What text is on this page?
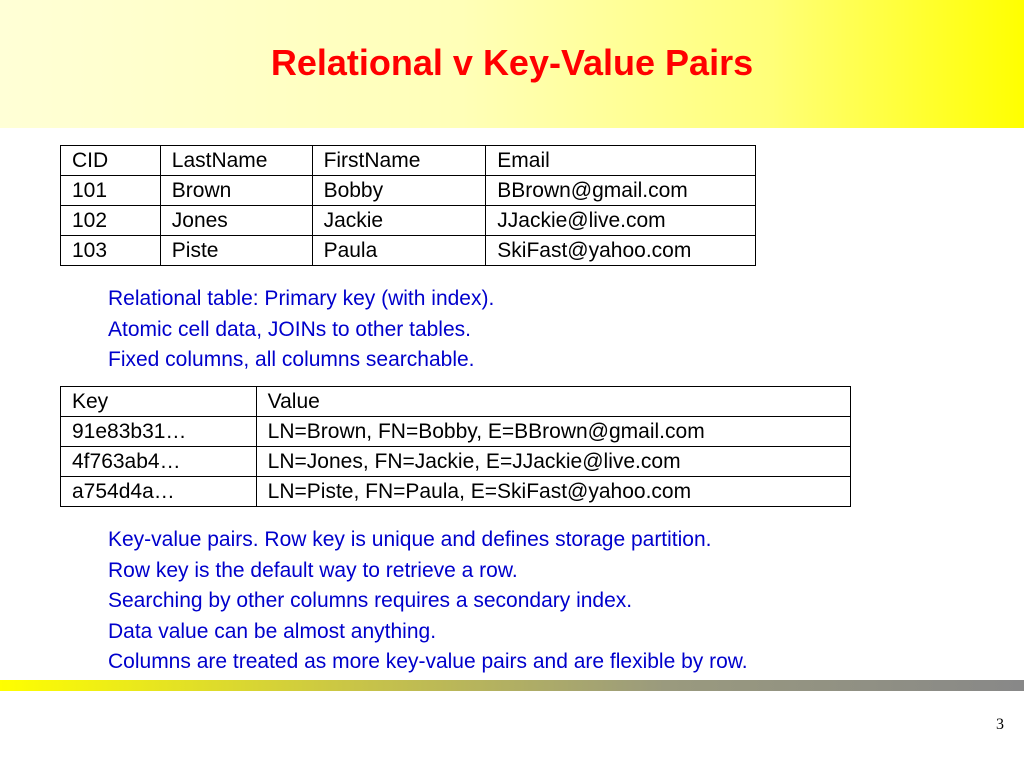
Relational v Key-Value Pairs
CID	LastName	FirstName	Email
101	Brown	Bobby	BBrown@gmail.com
102	Jones	Jackie	JJackie@live.com
103	Piste	Paula	SkiFast@yahoo.com
Relational table: Primary key (with index).
Atomic cell data, JOINs to other tables.
Fixed columns, all columns searchable.
Key	Value
91e83b31…	LN=Brown, FN=Bobby, E=BBrown@gmail.com
4f763ab4…	LN=Jones, FN=Jackie, E=JJackie@live.com
a754d4a…	LN=Piste, FN=Paula, E=SkiFast@yahoo.com
Key-value pairs. Row key is unique and defines storage partition.
Row key is the default way to retrieve a row.
Searching by other columns requires a secondary index.
Data value can be almost anything.
Columns are treated as more key-value pairs and are flexible by row.
3
